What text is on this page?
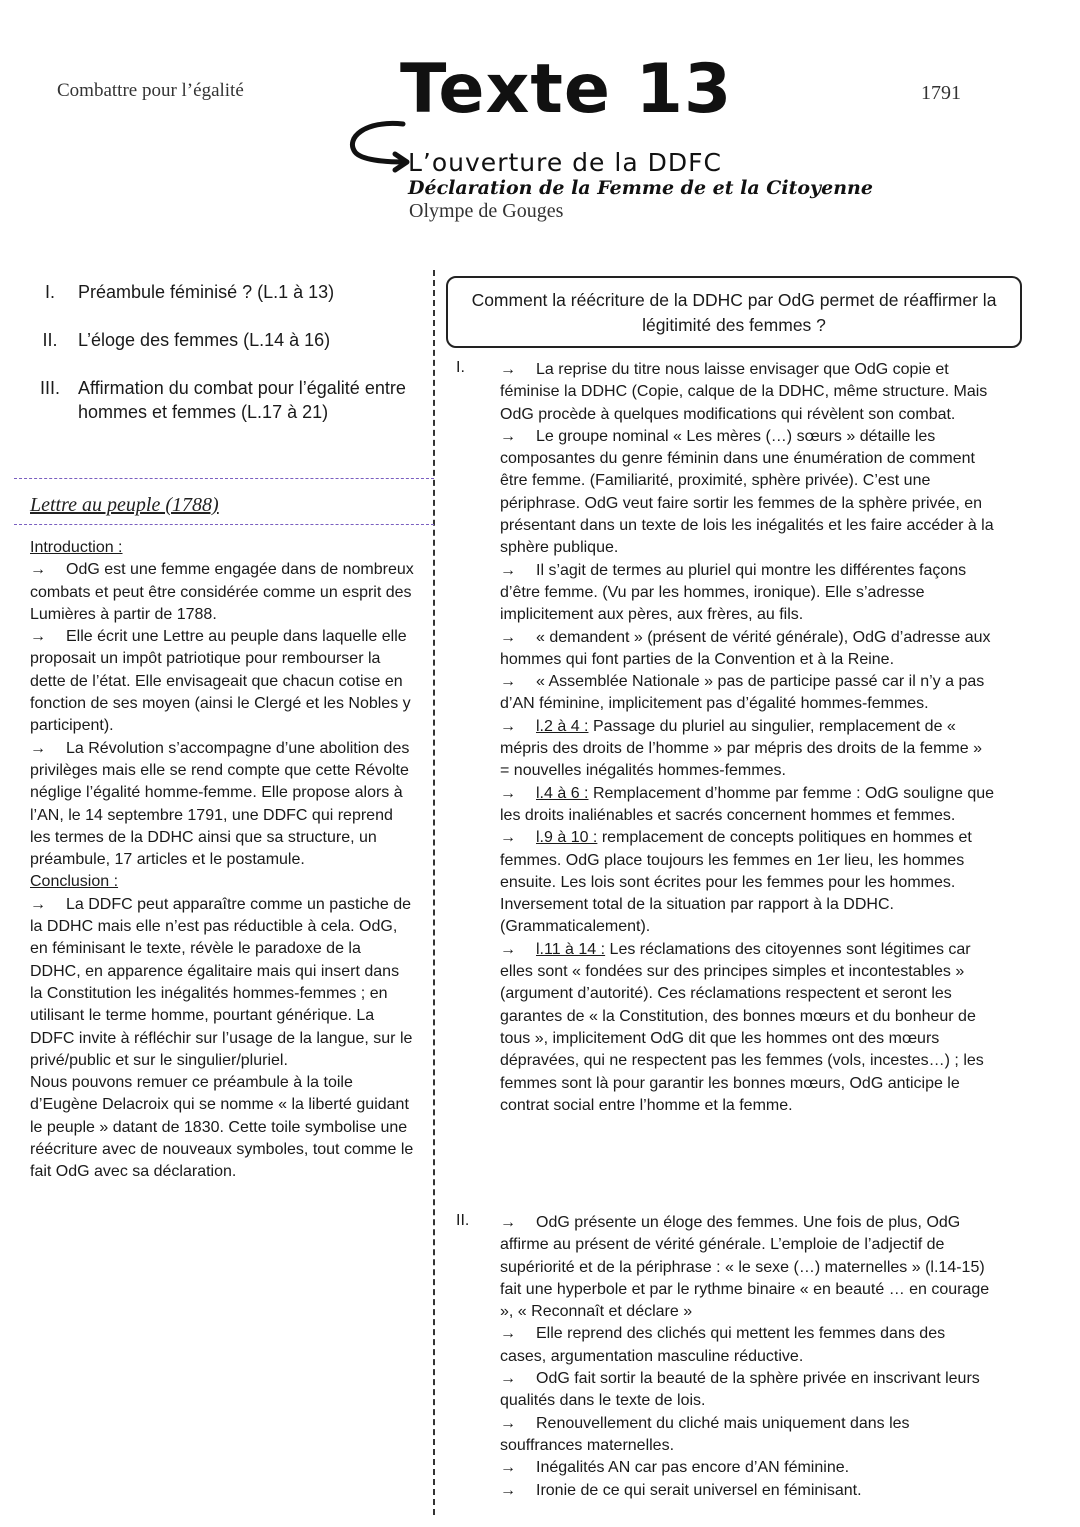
Combattre pour l’égalité Texte 13	1791
L’ouverture de la DDFC
Déclaration de la Femme de et la Citoyenne
Olympe de Gouges
I.	Préambule féminisé ? (L.1 à 13)
II.	L’éloge des femmes (L.14 à 16)
III.	Affirmation du combat pour l’égalité entre hommes et femmes (L.17 à 21)
Lettre au peuple (1788)

Introduction :

→ OdG est une femme engagée dans de nombreux combats et peut être considérée comme un esprit des Lumières à partir de 1788.

→ Elle écrit une Lettre au peuple dans laquelle elle proposait un impôt patriotique pour rembourser la dette de l’état. Elle envisageait que chacun cotise en fonction de ses moyen (ainsi le Clergé et les Nobles y participent).

→ La Révolution s’accompagne d’une abolition des privilèges mais elle se rend compte que cette Révolte néglige l’égalité homme-femme. Elle propose alors à l’AN, le 14 septembre 1791, une DDFC qui reprend les termes de la DDHC ainsi que sa structure, un préambule, 17 articles et le postamule.

Conclusion :

→ La DDFC peut apparaître comme un pastiche de la DDHC mais elle n’est pas réductible à cela. OdG, en féminisant le texte, révèle le paradoxe de la DDHC, en apparence égalitaire mais qui insert dans la Constitution les inégalités hommes-femmes ; en utilisant le terme homme, pourtant générique. La DDFC invite à réfléchir sur l’usage de la langue, sur le privé/public et sur le singulier/pluriel.

Nous pouvons remuer ce préambule à la toile d’Eugène Delacroix qui se nomme « la liberté guidant le peuple » datant de 1830. Cette toile symbolise une réécriture avec de nouveaux symboles, tout comme le fait OdG avec sa déclaration.

Comment la réécriture de la DDHC par OdG permet de réaffirmer la légitimité des femmes ?
I. → La reprise du titre nous laisse envisager que OdG copie et féminise la DDHC (Copie, calque de la DDHC, même structure. Mais OdG procède à quelques modifications qui révèlent son combat.

→ Le groupe nominal « Les mères (…) sœurs » détaille les composantes du genre féminin dans une énumération de comment être femme. (Familiarité, proximité, sphère privée). C’est une périphrase. OdG veut faire sortir les femmes de la sphère privée, en présentant dans un texte de lois les inégalités et les faire accéder à la sphère publique.

→ Il s’agit de termes au pluriel qui montre les différentes façons d’être femme. (Vu par les hommes, ironique). Elle s’adresse implicitement aux pères, aux frères, au fils.

→ « demandent » (présent de vérité générale), OdG d’adresse aux hommes qui font parties de la Convention et à la Reine.

→ « Assemblée Nationale » pas de participe passé car il n’y a pas d’AN féminine, implicitement pas d’égalité hommes-femmes.

→ l.2 à 4 : Passage du pluriel au singulier, remplacement de « mépris des droits de l’homme » par mépris des droits de la femme » = nouvelles inégalités hommes-femmes.

→ l.4 à 6 : Remplacement d’homme par femme : OdG souligne que les droits inaliénables et sacrés concernent hommes et femmes.

→ l.9 à 10 : remplacement de concepts politiques en hommes et femmes. OdG place toujours les femmes en 1er lieu, les hommes ensuite. Les lois sont écrites pour les femmes pour les hommes. Inversement total de la situation par rapport à la DDHC. (Grammaticalement).

→ l.11 à 14 : Les réclamations des citoyennes sont légitimes car elles sont « fondées sur des principes simples et incontestables » (argument d’autorité). Ces réclamations respectent et seront les garantes de « la Constitution, des bonnes mœurs et du bonheur de tous », implicitement OdG dit que les hommes ont des mœurs dépravées, qui ne respectent pas les femmes (vols, incestes…) ; les femmes sont là pour garantir les bonnes mœurs, OdG anticipe le contrat social entre l’homme et la femme.

II. → OdG présente un éloge des femmes. Une fois de plus, OdG affirme au présent de vérité générale. L’emploie de l’adjectif de supériorité et de la périphrase : « le sexe (…) maternelles » (l.14-15) fait une hyperbole et par le rythme binaire « en beauté … en courage », « Reconnaît et déclare »

→ Elle reprend des clichés qui mettent les femmes dans des cases, argumentation masculine réductive.

→ OdG fait sortir la beauté de la sphère privée en inscrivant leurs qualités dans le texte de lois.

→ Renouvellement du cliché mais uniquement dans les souffrances maternelles.

→ Inégalités AN car pas encore d’AN féminine.

→ Ironie de ce qui serait universel en féminisant.
